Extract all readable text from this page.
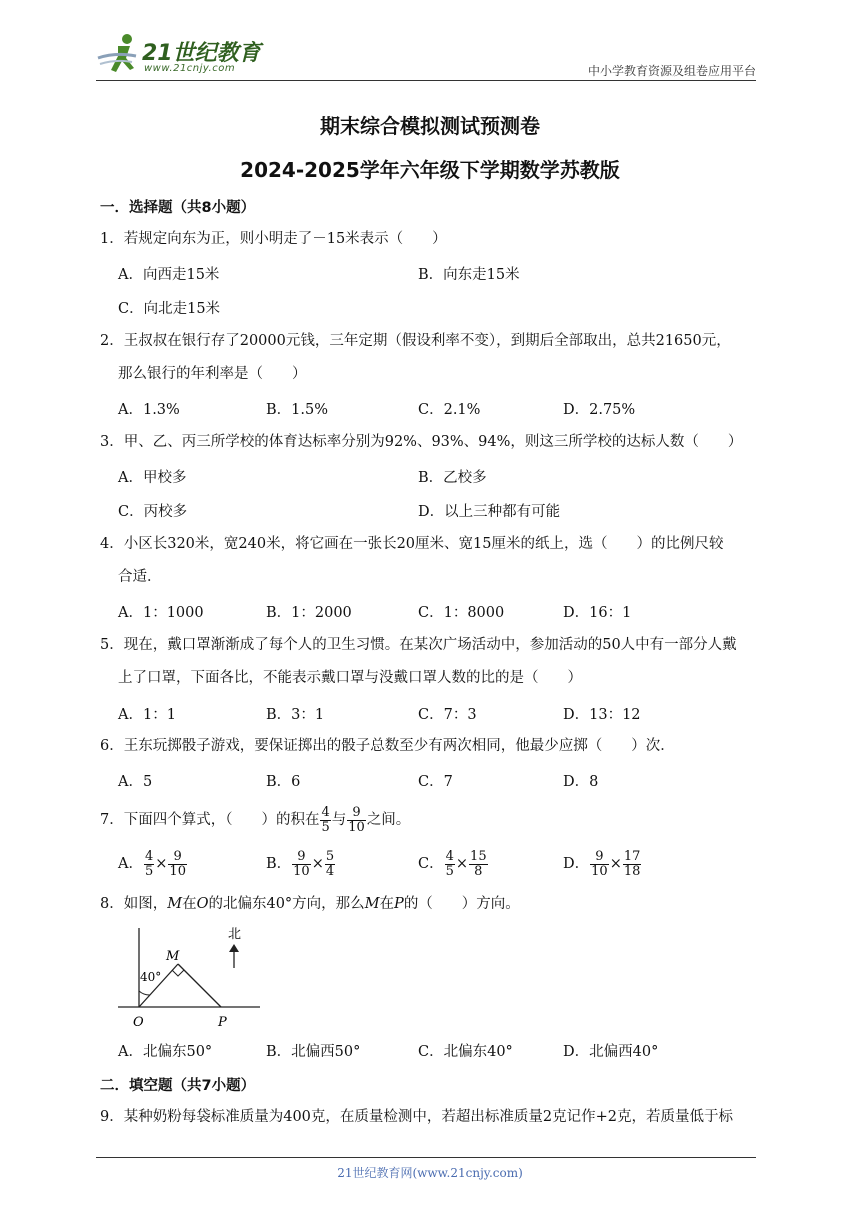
21世纪教育
www.21cnjy.com	中小学教育资源及组卷应用平台
期末综合模拟测试预测卷
2024-2025学年六年级下学期数学苏教版
一．选择题（共8小题）
1．若规定向东为正，则小明走了－15米表示（　　）
A．向西走15米	B．向东走15米
C．向北走15米
2．王叔叔在银行存了20000元钱，三年定期（假设利率不变），到期后全部取出，总共21650元，
那么银行的年利率是（　　）
A．1.3%	B．1.5%	C．2.1%	D．2.75%
3．甲、乙、丙三所学校的体育达标率分别为92%、93%、94%，则这三所学校的达标人数（　　）
A．甲校多	B．乙校多
C．丙校多	D．以上三种都有可能
4．小区长320米，宽240米，将它画在一张长20厘米、宽15厘米的纸上，选（　　）的比例尺较
合适．
A．1：1000	B．1：2000	C．1：8000	D．16：1
5．现在，戴口罩渐渐成了每个人的卫生习惯。在某次广场活动中，参加活动的50人中有一部分人戴
上了口罩，下面各比，不能表示戴口罩与没戴口罩人数的比的是（　　）
A．1：1	B．3：1	C．7：3	D．13：12
6．王东玩掷骰子游戏，要保证掷出的骰子总数至少有两次相同，他最少应掷（　　）次．
A．5	B．6	C．7	D．8
7．下面四个算式，（　　）的积在 $\frac{4}{5}$ 与 $\frac{9}{10}$ 之间。
A． $\frac{4}{5} \times \frac{9}{10}$	B． $\frac{9}{10} \times \frac{5}{4}$	C． $\frac{4}{5} \times \frac{15}{8}$	D． $\frac{9}{10} \times \frac{17}{18}$
8．如图，M在O的北偏东40°方向，那么M在P的（　　）方向。
北
M
40°
O	P
A．北偏东50°	B．北偏西50°	C．北偏东40°	D．北偏西40°
二．填空题（共7小题）
9．某种奶粉每袋标准质量为400克，在质量检测中，若超出标准质量2克记作+2克，若质量低于标
21世纪教育网(www.21cnjy.com)
